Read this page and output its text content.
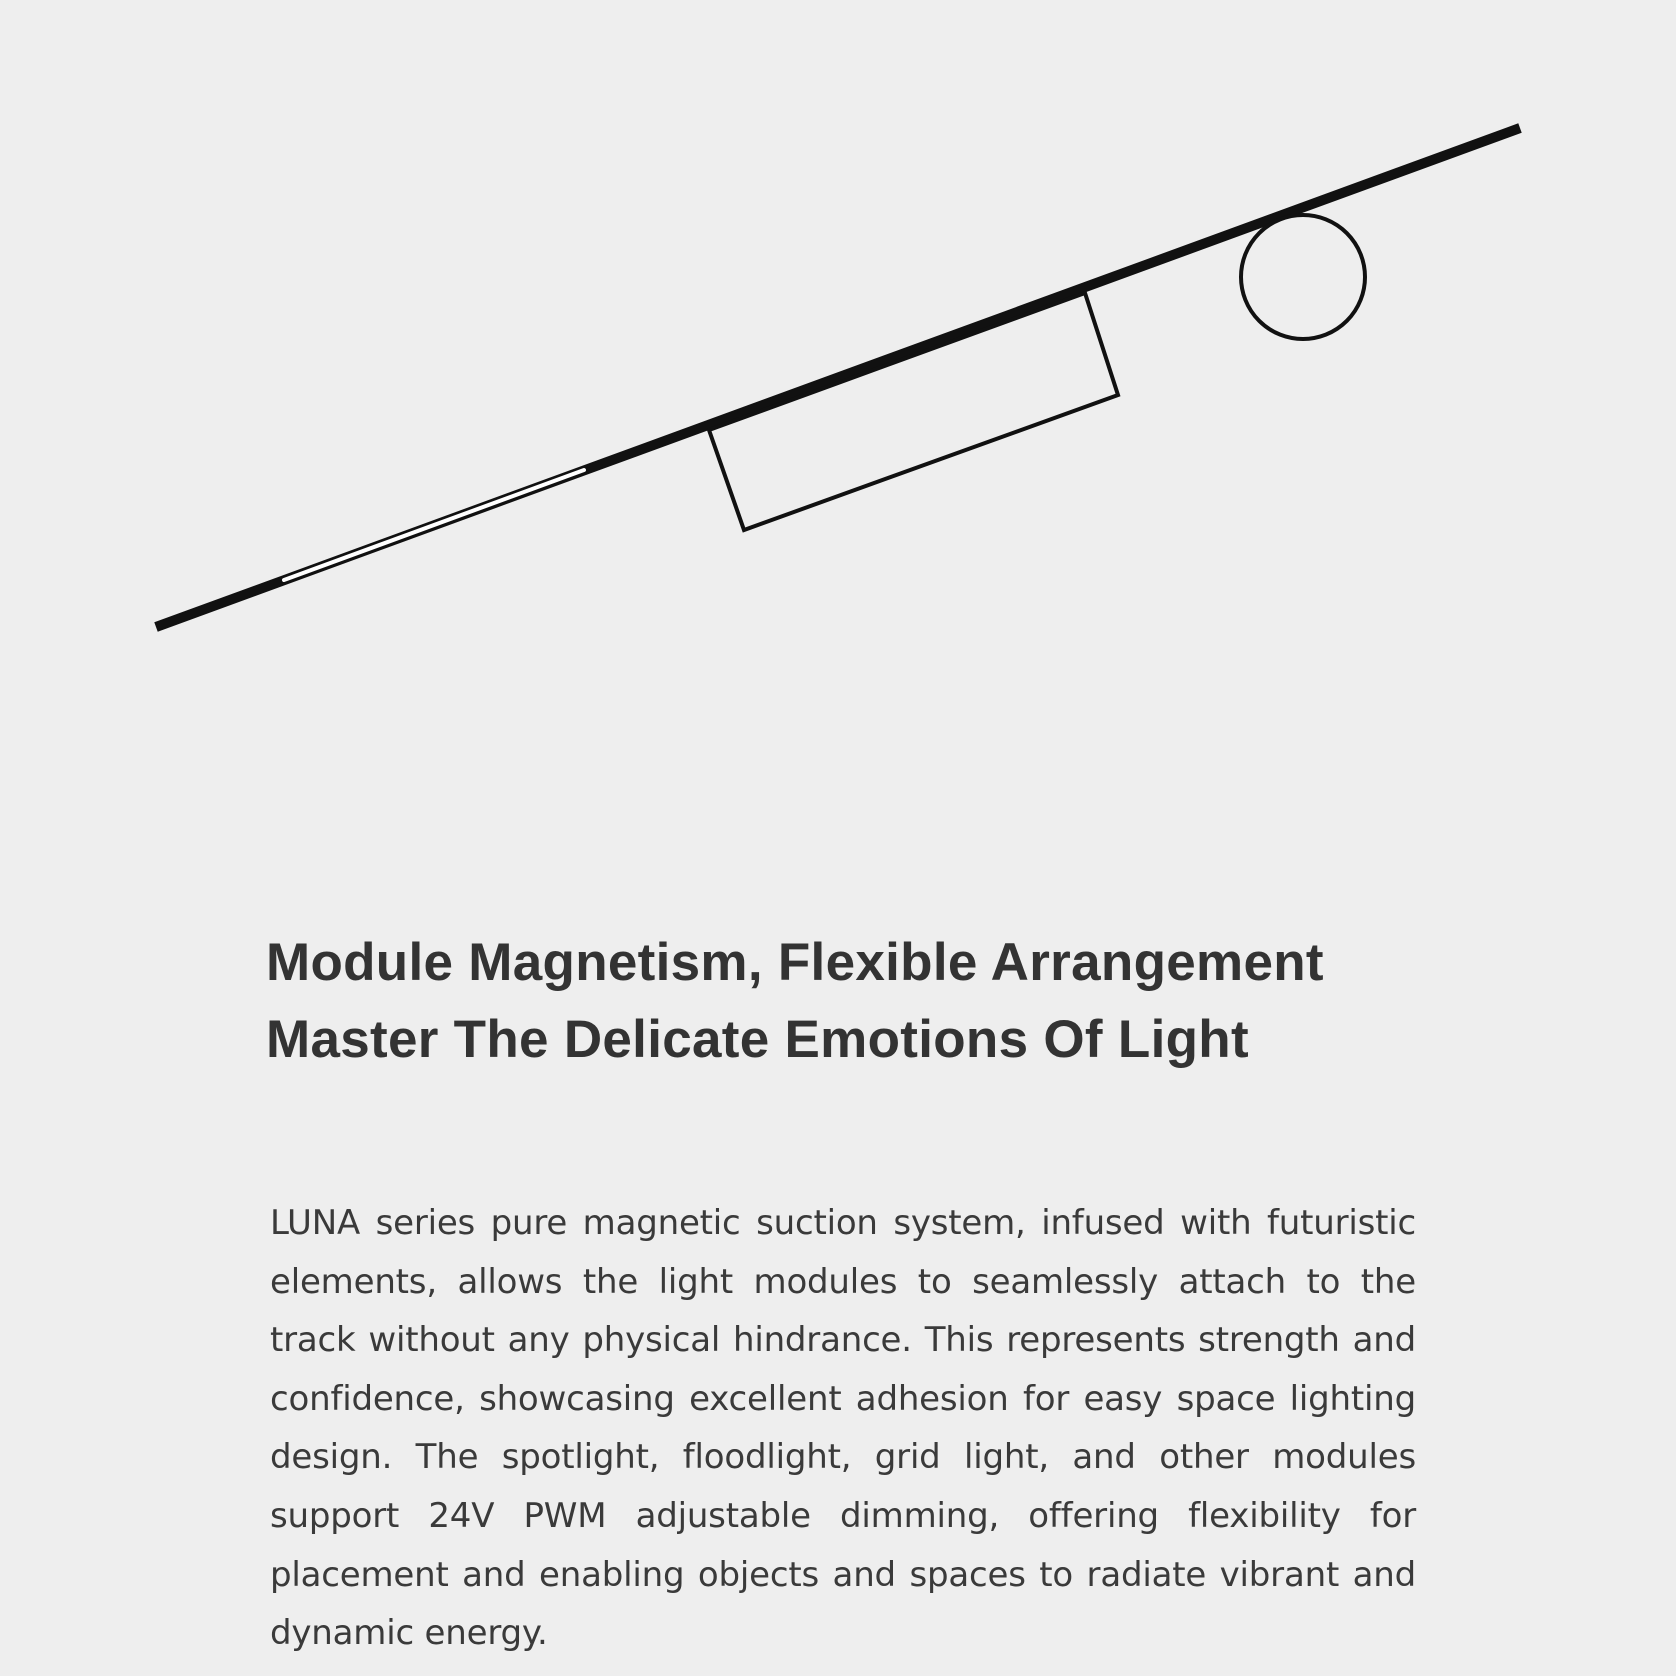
Module Magnetism, Flexible Arrangement
Master The Delicate Emotions Of Light

LUNA series pure magnetic suction system, infused with futuristic elements, allows the light modules to seamlessly attach to the track without any physical hindrance. This represents strength and confidence, showcasing excellent adhesion for easy space lighting design. The spotlight, floodlight, grid light, and other modules support 24V PWM adjustable dimming, offering flexibility for placement and enabling objects and spaces to radiate vibrant and dynamic energy.
